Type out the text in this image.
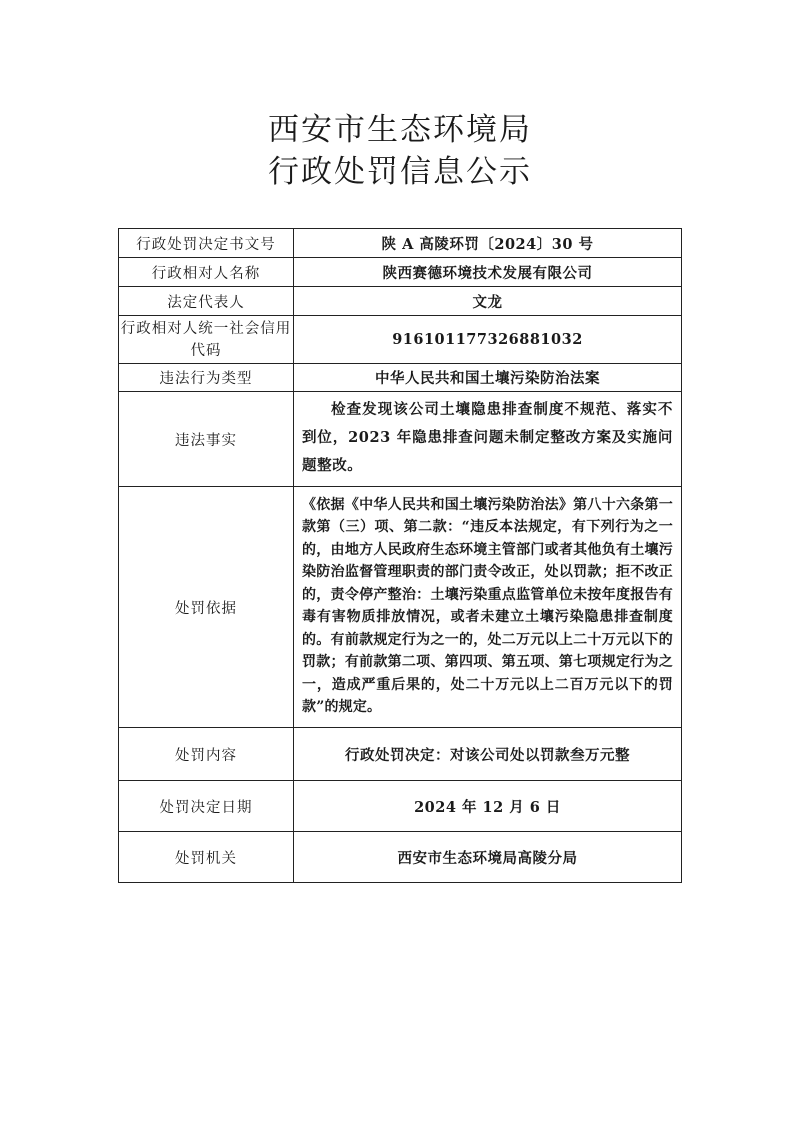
西安市生态环境局
行政处罚信息公示
行政处罚决定书文号	陕 A 高陵环罚〔2024〕30 号
行政相对人名称	陕西赛德环境技术发展有限公司
法定代表人	文龙
行政相对人统一社会信用代码	916101177326881032
违法行为类型	中华人民共和国土壤污染防治法案
违法事实	检查发现该公司土壤隐患排查制度不规范、落实不到位，2023 年隐患排查问题未制定整改方案及实施问题整改。
处罚依据	《依据《中华人民共和国土壤污染防治法》第八十六条第一款第（三）项、第二款：“违反本法规定，有下列行为之一的，由地方人民政府生态环境主管部门或者其他负有土壤污染防治监督管理职责的部门责令改正，处以罚款；拒不改正的，责令停产整治：土壤污染重点监管单位未按年度报告有毒有害物质排放情况，或者未建立土壤污染隐患排查制度的。有前款规定行为之一的，处二万元以上二十万元以下的罚款；有前款第二项、第四项、第五项、第七项规定行为之一，造成严重后果的，处二十万元以上二百万元以下的罚款”的规定。
处罚内容	行政处罚决定：对该公司处以罚款叁万元整
处罚决定日期	2024 年 12 月 6 日
处罚机关	西安市生态环境局高陵分局
